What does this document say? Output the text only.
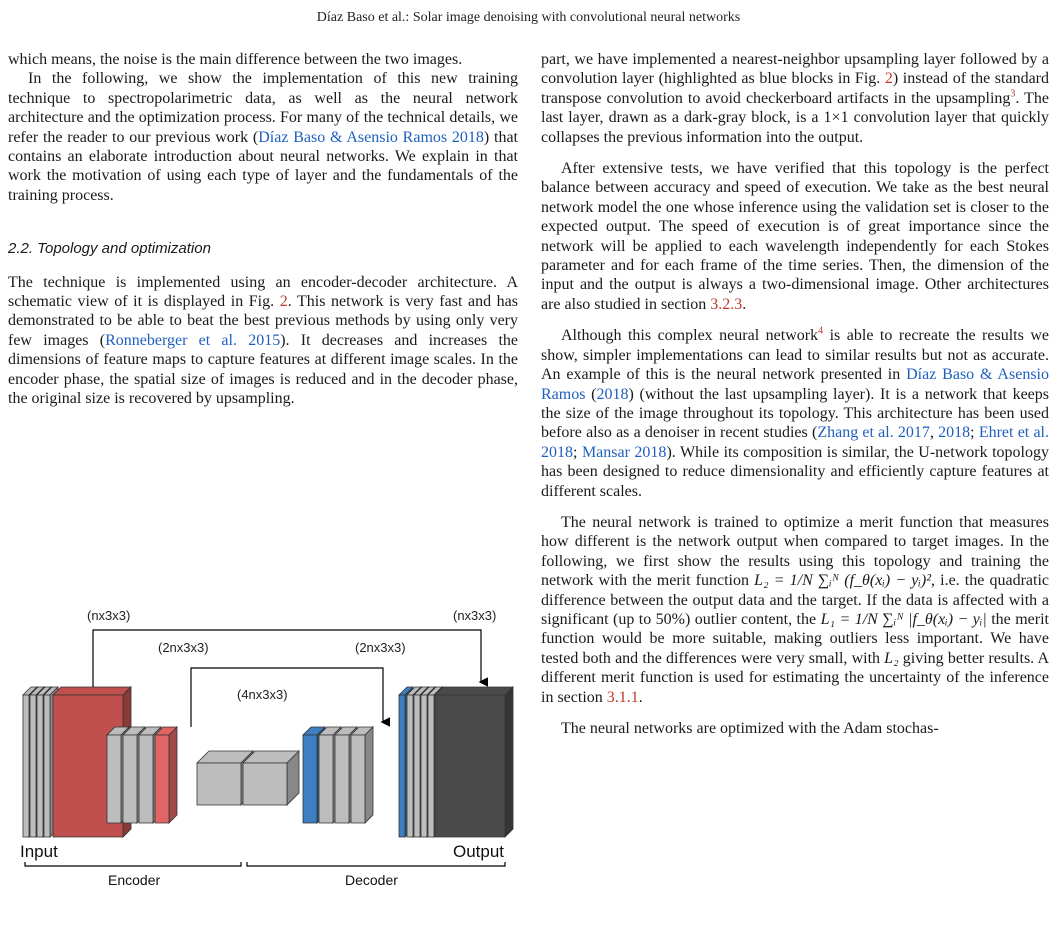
Díaz Baso et al.: Solar image denoising with convolutional neural networks

which means, the noise is the main difference between the two images.

In the following, we show the implementation of this new training technique to spectropolarimetric data, as well as the neural network architecture and the optimization process. For many of the technical details, we refer the reader to our previous work (Díaz Baso & Asensio Ramos 2018) that contains an elaborate introduction about neural networks. We explain in that work the motivation of using each type of layer and the fundamentals of the training process.

2.2. Topology and optimization

The technique is implemented using an encoder-decoder architecture. A schematic view of it is displayed in Fig. 2. This network is very fast and has demonstrated to be able to beat the best previous methods by using only very few images (Ronneberger et al. 2015). It decreases and increases the dimensions of feature maps to capture features at different image scales. In the encoder phase, the spatial size of images is reduced and in the decoder phase, the original size is recovered by upsampling.

(nx3x3)	(nx3x3)
(2nx3x3)	(2nx3x3)
(4nx3x3)
Input	Output
Encoder	Decoder

part, we have implemented a nearest-neighbor upsampling layer followed by a convolution layer (highlighted as blue blocks in Fig. 2) instead of the standard transpose convolution to avoid checkerboard artifacts in the upsampling$^3$. The last layer, drawn as a dark-gray block, is a 1×1 convolution layer that quickly collapses the previous information into the output.

After extensive tests, we have verified that this topology is the perfect balance between accuracy and speed of execution. We take as the best neural network model the one whose inference using the validation set is closer to the expected output. The speed of execution is of great importance since the network will be applied to each wavelength independently for each Stokes parameter and for each frame of the time series. Then, the dimension of the input and the output is always a two-dimensional image. Other architectures are also studied in section 3.2.3.

Although this complex neural network$^4$ is able to recreate the results we show, simpler implementations can lead to similar results but not as accurate. An example of this is the neural network presented in Díaz Baso & Asensio Ramos (2018) (without the last upsampling layer). It is a network that keeps the size of the image throughout its topology. This architecture has been used before also as a denoiser in recent studies (Zhang et al. 2017, 2018; Ehret et al. 2018; Mansar 2018). While its composition is similar, the U-network topology has been designed to reduce dimensionality and efficiently capture features at different scales.

The neural network is trained to optimize a merit function that measures how different is the network output when compared to target images. In the following, we first show the results using this topology and training the network with the merit function L₂ = 1/N ∑ᵢᴺ (f_θ(xᵢ) − yᵢ)², i.e. the quadratic difference between the output data and the target. If the data is affected with a significant (up to 50%) outlier content, the L₁ = 1/N ∑ᵢᴺ |f_θ(xᵢ) − yᵢ| the merit function would be more suitable, making outliers less important. We have tested both and the differences were very small, with L₂ giving better results. A different merit function is used for estimating the uncertainty of the inference in section 3.1.1.

The neural networks are optimized with the Adam stochas-
